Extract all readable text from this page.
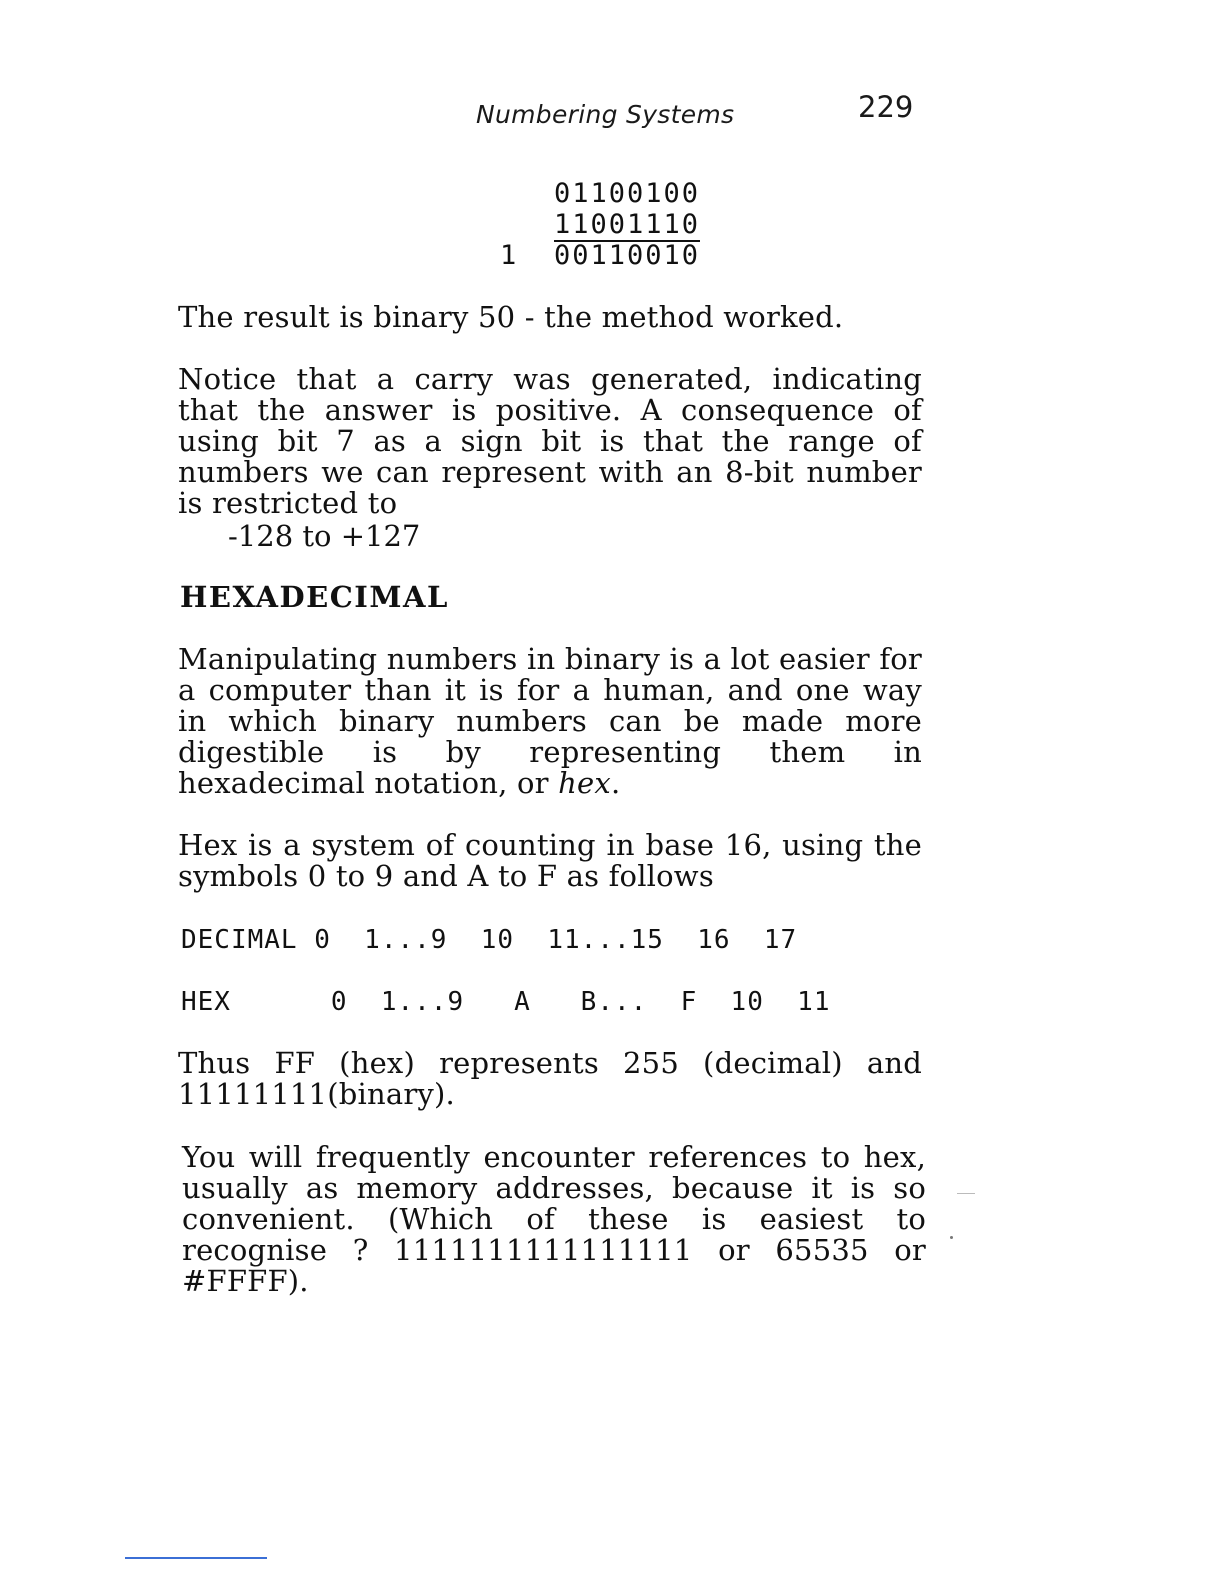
Numbering Systems	229
01100100
11001110
1	00110010
The result is binary 50 - the method worked.
Notice that a carry was generated, indicating that the answer is positive. A consequence of using bit 7 as a sign bit is that the range of numbers we can represent with an 8-bit number is restricted to
-128 to +127
HEXADECIMAL
Manipulating numbers in binary is a lot easier for a computer than it is for a human, and one way in which binary numbers can be made more digestible is by representing them in hexadecimal notation, or hex.
Hex is a system of counting in base 16, using the symbols 0 to 9 and A to F as follows
DECIMAL 0  1...9  10  11...15  16  17
HEX      0  1...9   A   B...  F  10  11
Thus FF (hex) represents 255 (decimal) and 11111111(binary).
You will frequently encounter references to hex, usually as memory addresses, because it is so convenient. (Which of these is easiest to recognise ? 1111111111111111 or 65535 or #FFFF).
